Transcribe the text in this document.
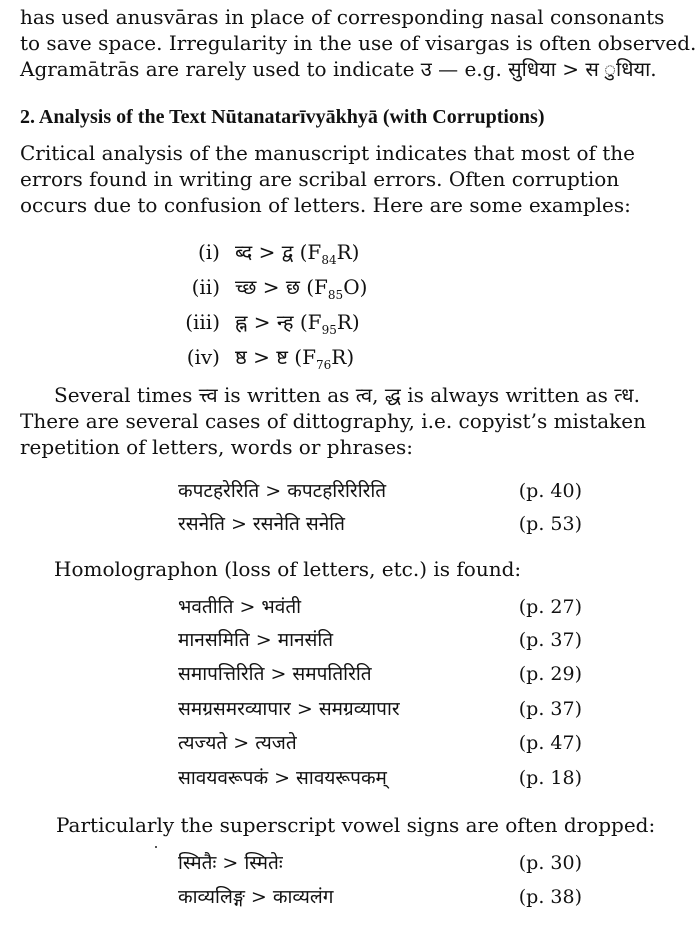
has used anusvāras in place of corresponding nasal consonants
to save space. Irregularity in the use of visargas is often observed.
Agramātrās are rarely used to indicate उ — e.g. सुधिया > स ुधिया.

2. Analysis of the Text Nūtanatarīvyākhyā (with Corruptions)

Critical analysis of the manuscript indicates that most of the
errors found in writing are scribal errors. Often corruption
occurs due to confusion of letters. Here are some examples:

(i) ब्द > द्व $(F_{84}R)$
(ii) च्छ > छ $(F_{85}O)$
(iii) ह्न > न्ह $(F_{95}R)$
(iv) ष्ठ > ष्ट $(F_{76}R)$

Several times त्त्व is written as त्व, द्ध is always written as त्ध.
There are several cases of dittography, i.e. copyist’s mistaken
repetition of letters, words or phrases:

कपटहरेरिति > कपटहरिरिरिति	(p. 40)
रसनेति > रसनेति सनेति	(p. 53)

Homolographon (loss of letters, etc.) is found:

भवतीति > भवंती	(p. 27)
मानसमिति > मानसंति	(p. 37)
समापत्तिरिति > समपतिरिति	(p. 29)
समग्रसमरव्यापार > समग्रव्यापार	(p. 37)
त्यज्यते > त्यजते	(p. 47)
सावयवरूपकं > सावयरूपकम्	(p. 18)

Particularly the superscript vowel signs are often dropped:

स्मितैः > स्मितेः	(p. 30)
काव्यलिङ्ग > काव्यलंग	(p. 38)
